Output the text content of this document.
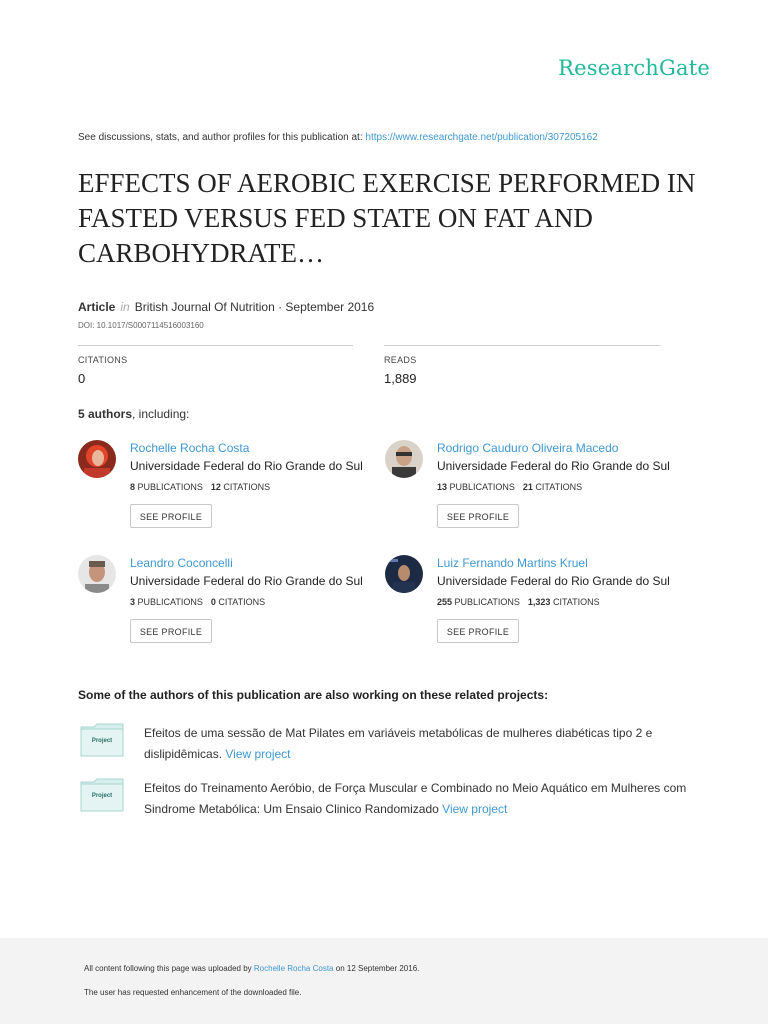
ResearchGate
See discussions, stats, and author profiles for this publication at: https://www.researchgate.net/publication/307205162
EFFECTS OF AEROBIC EXERCISE PERFORMED IN FASTED VERSUS FED STATE ON FAT AND CARBOHYDRATE…
Article in British Journal Of Nutrition · September 2016
DOI: 10.1017/S0007114516003160
CITATIONS
0
READS
1,889
5 authors, including:
Rochelle Rocha Costa
Universidade Federal do Rio Grande do Sul
8 PUBLICATIONS 12 CITATIONS
SEE PROFILE
Rodrigo Cauduro Oliveira Macedo
Universidade Federal do Rio Grande do Sul
13 PUBLICATIONS 21 CITATIONS
SEE PROFILE
Leandro Coconcelli
Universidade Federal do Rio Grande do Sul
3 PUBLICATIONS 0 CITATIONS
SEE PROFILE
Luiz Fernando Martins Kruel
Universidade Federal do Rio Grande do Sul
255 PUBLICATIONS 1,323 CITATIONS
SEE PROFILE
Some of the authors of this publication are also working on these related projects:
Project
Efeitos de uma sessão de Mat Pilates em variáveis metabólicas de mulheres diabéticas tipo 2 e dislipidêmicas. View project
Project
Efeitos do Treinamento Aeróbio, de Força Muscular e Combinado no Meio Aquático em Mulheres com Sindrome Metabólica: Um Ensaio Clinico Randomizado View project
All content following this page was uploaded by Rochelle Rocha Costa on 12 September 2016.
The user has requested enhancement of the downloaded file.
